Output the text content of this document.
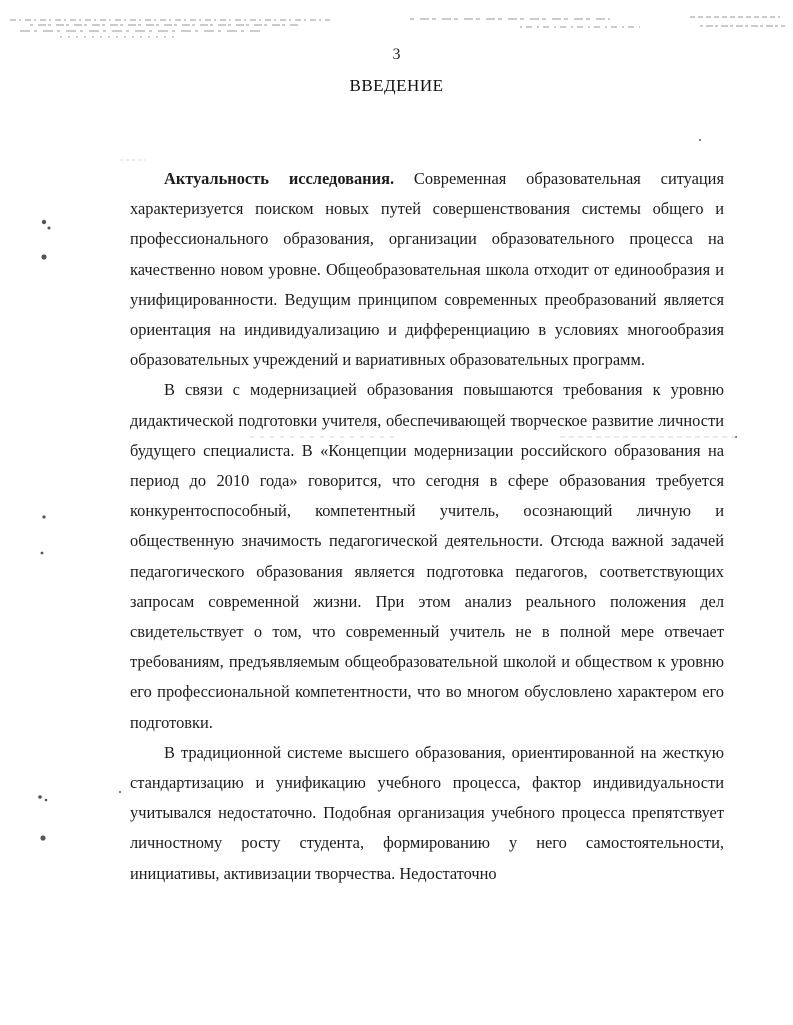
3
ВВЕДЕНИЕ

Актуальность исследования. Современная образовательная ситуация характеризуется поиском новых путей совершенствования системы общего и профессионального образования, организации образовательного процесса на качественно новом уровне. Общеобразовательная школа отходит от единообразия и унифицированности. Ведущим принципом современных преобразований является ориентация на индивидуализацию и дифференциацию в условиях многообразия образовательных учреждений и вариативных образовательных программ.

В связи с модернизацией образования повышаются требования к уровню дидактической подготовки учителя, обеспечивающей творческое развитие личности будущего специалиста. В «Концепции модернизации российского образования на период до 2010 года» говорится, что сегодня в сфере образования требуется конкурентоспособный, компетентный учитель, осознающий личную и общественную значимость педагогической деятельности. Отсюда важной задачей педагогического образования является подготовка педагогов, соответствующих запросам современной жизни. При этом анализ реального положения дел свидетельствует о том, что современный учитель не в полной мере отвечает требованиям, предъявляемым общеобразовательной школой и обществом к уровню его профессиональной компетентности, что во многом обусловлено характером его подготовки.

В традиционной системе высшего образования, ориентированной на жесткую стандартизацию и унификацию учебного процесса, фактор индивидуальности учитывался недостаточно. Подобная организация учебного процесса препятствует личностному росту студента, формированию у него самостоятельности, инициативы, активизации творчества. Недостаточно
